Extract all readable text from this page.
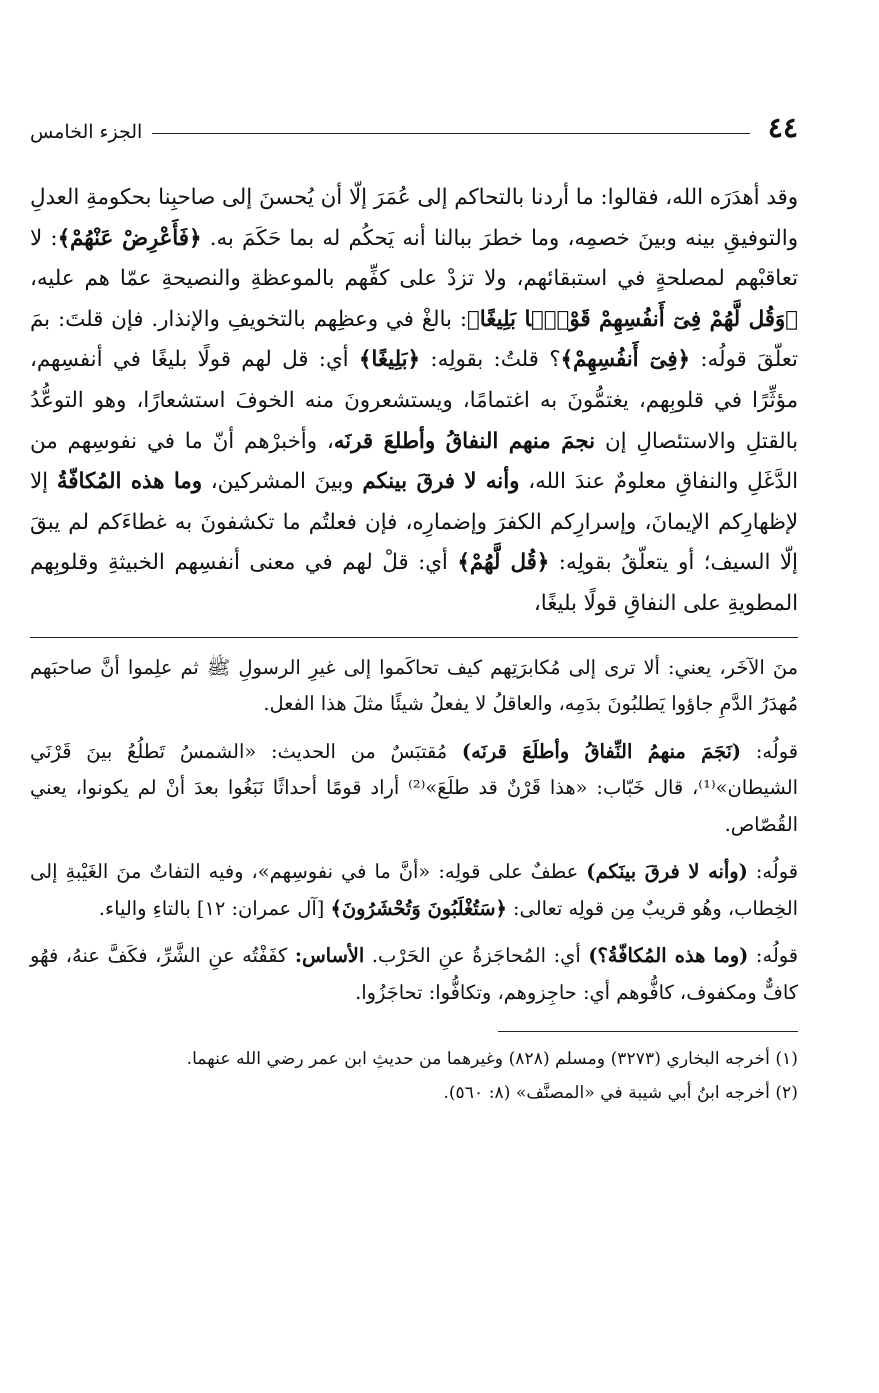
٤٤
الجزء الخامس

وقد أهدَرَه الله، فقالوا: ما أردنا بالتحاكم إلى عُمَرَ إلّا أن يُحسنَ إلى صاحبِنا بحكومةِ العدلِ والتوفيقِ بينه وبينَ خصمِه، وما خطرَ ببالنا أنه يَحكُم له بما حَكَمَ به. ﴿فَأَعْرِضْ عَنْهُمْ﴾: لا تعاقبْهم لمصلحةٍ في استبقائهم، ولا تزدْ على كفِّهم بالموعظةِ والنصيحةِ عمّا هم عليه، ﴿وَقُل لَّهُمْ فِىٓ أَنفُسِهِمْ قَوْلًۢا بَلِيغًا﴾: بالغْ في وعظِهم بالتخويفِ والإنذار. فإن قلتَ: بمَ تعلّقَ قولُه: ﴿فِىٓ أَنفُسِهِمْ﴾؟ قلتُ: بقولِه: ﴿بَلِيغًا﴾ أي: قل لهم قولًا بليغًا في أنفسِهم، مؤثِّرًا في قلوبِهم، يغتمُّونَ به اغتمامًا، ويستشعرونَ منه الخوفَ استشعارًا، وهو التوعُّدُ بالقتلِ والاستئصالِ إن نجمَ منهم النفاقُ وأطلعَ قرنَه، وأخبرْهم أنّ ما في نفوسِهم من الدَّغَلِ والنفاقِ معلومٌ عندَ الله، وأنه لا فرقَ بينكم وبينَ المشركين، وما هذه المُكافّةُ إلا لإظهارِكم الإيمانَ، وإسرارِكم الكفرَ وإضمارِه، فإن فعلتُم ما تكشفونَ به غطاءَكم لم يبقَ إلّا السيف؛ أو يتعلّقُ بقولِه: ﴿قُل لَّهُمْ﴾ أي: قلْ لهم في معنى أنفسِهم الخبيثةِ وقلوبِهم المطويةِ على النفاقِ قولًا بليغًا،

منَ الآخَر، يعني: ألا ترى إلى مُكابرَتِهم كيف تحاكَموا إلى غيرِ الرسولِ ﷺ ثم علِموا أنَّ صاحبَهم مُهدَرُ الدَّمِ جاؤوا يَطلبُونَ بدَمِه، والعاقلُ لا يفعلُ شيئًا مثلَ هذا الفعل.

قولُه: (نَجَمَ منهمُ النِّفاقُ وأطلَعَ قرنَه) مُقتبَسٌ من الحديث: «الشمسُ تَطلُعُ بينَ قَرْنَي الشيطان»⁽¹⁾، قال خَبّاب: «هذا قَرْنٌ قد طلَعَ»⁽²⁾ أراد قومًا أحداثًا نَبَغُوا بعدَ أنْ لم يكونوا، يعني القُصّاص.

قولُه: (وأنه لا فرقَ بينَكم) عطفٌ على قولِه: «أنَّ ما في نفوسِهم»، وفيه التفاتٌ منَ الغَيْبةِ إلى الخِطاب، وهُو قريبٌ مِن قولِه تعالى: ﴿سَتُغْلَبُونَ وَتُحْشَرُونَ﴾ [آل عمران: ١٢] بالتاءِ والياء.

قولُه: (وما هذه المُكافّةُ؟) أي: المُحاجَزةُ عنِ الحَرْب. الأساس: كفَفْتُه عنِ الشَّرِّ، فكَفَّ عنهُ، فهُو كافٌّ ومكفوف، كافُّوهم أي: حاجِزوهم، وتكافُّوا: تحاجَزُوا.

(١) أخرجه البخاري (٣٢٧٣) ومسلم (٨٢٨) وغيرهما من حديثِ ابن عمر رضي الله عنهما.

(٢) أخرجه ابنُ أبي شيبة في «المصنَّف» (٨: ٥٦٠).
